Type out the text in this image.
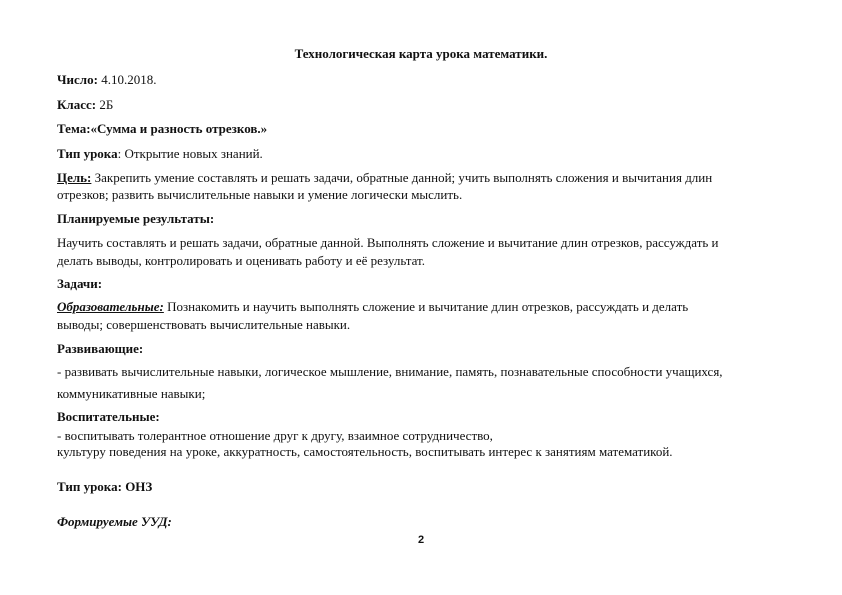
Технологическая карта урока математики.
Число: 4.10.2018.
Класс: 2Б
Тема:«Сумма и разность отрезков.»
Тип урока: Открытие новых знаний.
Цель: Закрепить умение составлять и решать задачи, обратные данной; учить выполнять сложения и вычитания длин
отрезков; развить вычислительные навыки и умение логически мыслить.
Планируемые результаты:
Научить составлять и решать задачи, обратные данной. Выполнять сложение и вычитание длин отрезков, рассуждать и
делать выводы, контролировать и оценивать работу и её результат.
Задачи:
Образовательные: Познакомить и научить выполнять сложение и вычитание длин отрезков, рассуждать и делать
выводы; совершенствовать вычислительные навыки.
Развивающие:
- развивать вычислительные навыки, логическое мышление, внимание, память, познавательные способности учащихся,
коммуникативные навыки;
Воспитательные:
- воспитывать толерантное отношение друг к другу, взаимное сотрудничество,
культуру поведения на уроке, аккуратность, самостоятельность, воспитывать интерес к занятиям математикой.
Тип урока: ОНЗ
Формируемые УУД:
2
